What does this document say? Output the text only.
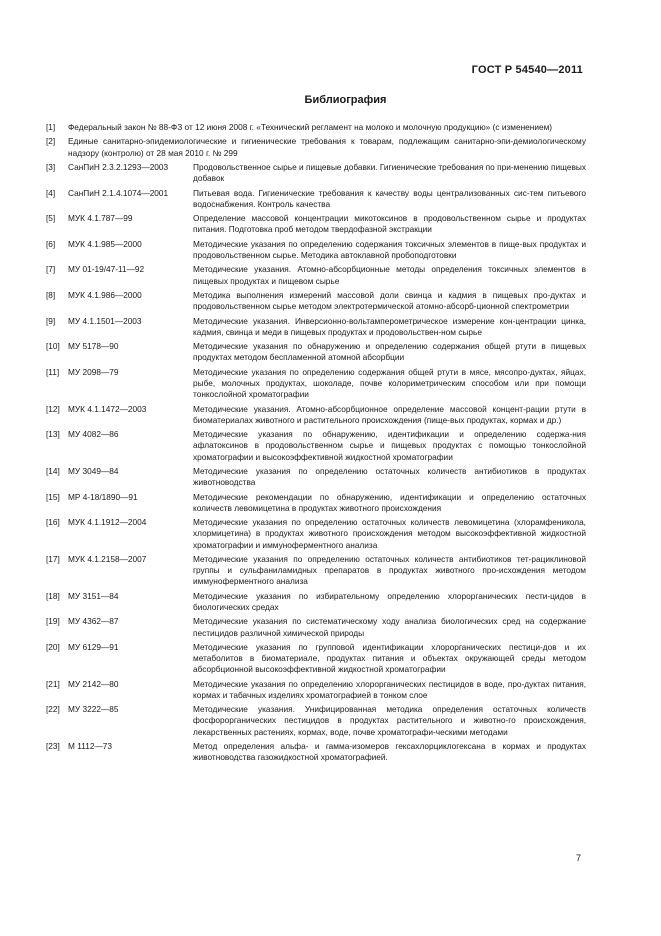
ГОСТ Р 54540—2011
Библиография
[1] Федеральный закон № 88-ФЗ от 12 июня 2008 г. «Технический регламент на молоко и молочную продукцию» (с изменением)
[2] Единые санитарно-эпидемиологические и гигиенические требования к товарам, подлежащим санитарно-эпи-демиологическому надзору (контролю) от 28 мая 2010 г. № 299
[3] СанПиН 2.3.2.1293—2003	Продовольственное сырье и пищевые добавки. Гигиенические требования по при-менению пищевых добавок
[4] СанПиН 2.1.4.1074—2001	Питьевая вода. Гигиенические требования к качеству воды централизованных сис-тем питьевого водоснабжения. Контроль качества
[5] МУК 4.1.787—99	Определение массовой концентрации микотоксинов в продовольственном сырье и продуктах питания. Подготовка проб методом твердофазной экстракции
[6] МУК 4.1.985—2000	Методические указания по определению содержания токсичных элементов в пище-вых продуктах и продовольственном сырье. Методика автоклавной пробоподготовки
[7] МУ 01-19/47-11—92	Методические указания. Атомно-абсорбционные методы определения токсичных элементов в пищевых продуктах и пищевом сырье
[8] МУК 4.1.986—2000	Методика выполнения измерений массовой доли свинца и кадмия в пищевых про-дуктах и продовольственном сырье методом электротермической атомно-абсорб-ционной спектрометрии
[9] МУ 4.1.1501—2003	Методические указания. Инверсионно-вольтамперометрическое измерение кон-центрации цинка, кадмия, свинца и меди в пищевых продуктах и продовольствен-ном сырье
[10] МУ 5178—90	Методические указания по обнаружению и определению содержания общей ртути в пищевых продуктах методом беспламенной атомной абсорбции
[11] МУ 2098—79	Методические указания по определению содержания общей ртути в мясе, мясопро-дуктах, яйцах, рыбе, молочных продуктах, шоколаде, почве колориметрическим способом или при помощи тонкослойной хроматографии
[12] МУК 4.1.1472—2003	Методические указания. Атомно-абсорбционное определение массовой концент-рации ртути в биоматериалах животного и растительного происхождения (пище-вых продуктах, кормах и др.)
[13] МУ 4082—86	Методические указания по обнаружению, идентификации и определению содержа-ния афлатоксинов в продовольственном сырье и пищевых продуктах с помощью тонкослойной хроматографии и высокоэффективной жидкостной хроматографии
[14] МУ 3049—84	Методические указания по определению остаточных количеств антибиотиков в продуктах животноводства
[15] МР 4-18/1890—91	Методические рекомендации по обнаружению, идентификации и определению остаточных количеств левомицетина в продуктах животного происхождения
[16] МУК 4.1.1912—2004	Методические указания по определению остаточных количеств левомицетина (хлорамфеникола, хлормицетина) в продуктах животного происхождения методом высокоэффективной жидкостной хроматографии и иммуноферментного анализа
[17] МУК 4.1.2158—2007	Методические указания по определению остаточных количеств антибиотиков тет-рациклиновой группы и сульфаниламидных препаратов в продуктах животного про-исхождения методом иммуноферментного анализа
[18] МУ 3151—84	Методические указания по избирательному определению хлорорганических пести-цидов в биологических средах
[19] МУ 4362—87	Методические указания по систематическому ходу анализа биологических сред на содержание пестицидов различной химической природы
[20] МУ 6129—91	Методические указания по групповой идентификации хлорорганических пестици-дов и их метаболитов в биоматериале, продуктах питания и объектах окружающей среды методом абсорбционной высокоэффективной жидкостной хроматографии
[21] МУ 2142—80	Методические указания по определению хлорорганических пестицидов в воде, про-дуктах питания, кормах и табачных изделиях хроматографией в тонком слое
[22] МУ 3222—85	Методические указания. Унифицированная методика определения остаточных количеств фосфорорганических пестицидов в продуктах растительного и животно-го происхождения, лекарственных растениях, кормах, воде, почве хроматографи-ческими методами
[23] М 1112—73	Метод определения альфа- и гамма-изомеров гексахлорциклогексана в кормах и продуктах животноводства газожидкостной хроматографией.
7
